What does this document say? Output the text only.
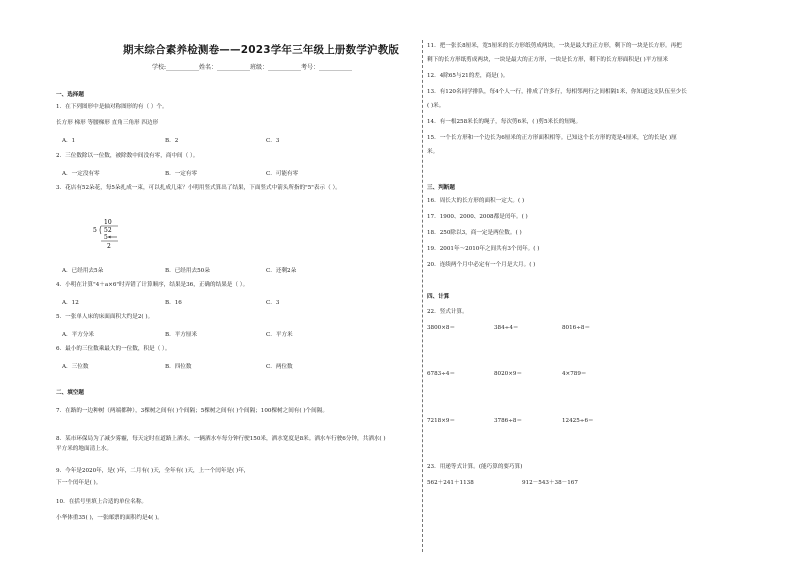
期末综合素养检测卷——2023学年三年级上册数学沪教版
学校:___________姓名：___________班级：___________考号：___________
一、选择题
1．在下列图形中是轴对称图形的有（ ）个。
长方形 梯形 等腰梯形 直角三角形 四边形
A．1	B．2	C．3
2．三位数除以一位数，被除数中间没有零，商中间（ ）。
A．一定没有零	B．一定有零	C．可能有零
3．花店有52朵花，每5朵扎成一束，可以扎成几束？小明用竖式算出了结果，下面竖式中箭头所指的"5"表示（ ）。
10
5 52
5
2
A．已经用去5朵	B．已经用去50朵	C．还剩2朵
4．小明在计算"4＋a×6"时弄错了计算顺序，结果是36，正确的结果是（ ）。
A．12	B．16	C．3
5．一张单人床的床面面积大约是2( )。
A．平方分米	B．平方厘米	C．平方米
6．最小的三位数乘最大的一位数，积是（ ）。
A．三位数	B．四位数	C．两位数
二、填空题
7．在路的一边种树（两端都种），3棵树之间有( )个间隔；5棵树之间有( )个间隔；100棵树之间有( )个间隔。
8．某市环保局为了减少雾霾，每天定时在道路上洒水。一辆洒水车每分钟行驶150米，洒水宽度是8米。洒水车行驶6分钟，共洒水( )平方米的地面清上水。
9．今年是2020年，是( )年，二月有( )天，全年有( )天，上一个闰年是( )年，
下一个闰年是( )。
10．在括号里填上合适的单位名称。
小华体重35( )，一张邮票的面积约是4( )。
11．把一张长8厘米，宽5厘米的长方形纸剪成两块，一块是最大的正方形，剩下的一块是长方形。再把
剩下的长方形纸剪成两块，一块是最大的正方形，一块是长方形，剩下的长方形面积是( )平方厘米
12．4除65与21的差，商是( )。
13．有120名同学排队，每4个人一行，排成了许多行，每相邻两行之间相隔1米，你知道这支队伍至少长
( )米。
14．有一根258米长的绳子，每次剪6米，( )剪5米长的短绳。
15．一个长方形和一个边长为6厘米的正方形面积相等。已知这个长方形的宽是4厘米，它的长是( )厘
米。
三、判断题
16．周长大的长方形的面积一定大。( )
17．1900、2000、2008都是闰年。( )
18．250除以3，商一定是两位数。( )
19．2001年～2010年之间共有3个闰年。( )
20．连续两个月中必定有一个月是大月。( )
四、计算
22．竖式计算。
3800×8＝	384÷4＝	8016÷8＝
6783÷4＝	8020×9＝	4×789＝
7218×9＝	3786÷8＝	12425÷6＝
23．用递等式计算。(能巧算的要巧算)
562＋241＋1138	912－543＋38－167
